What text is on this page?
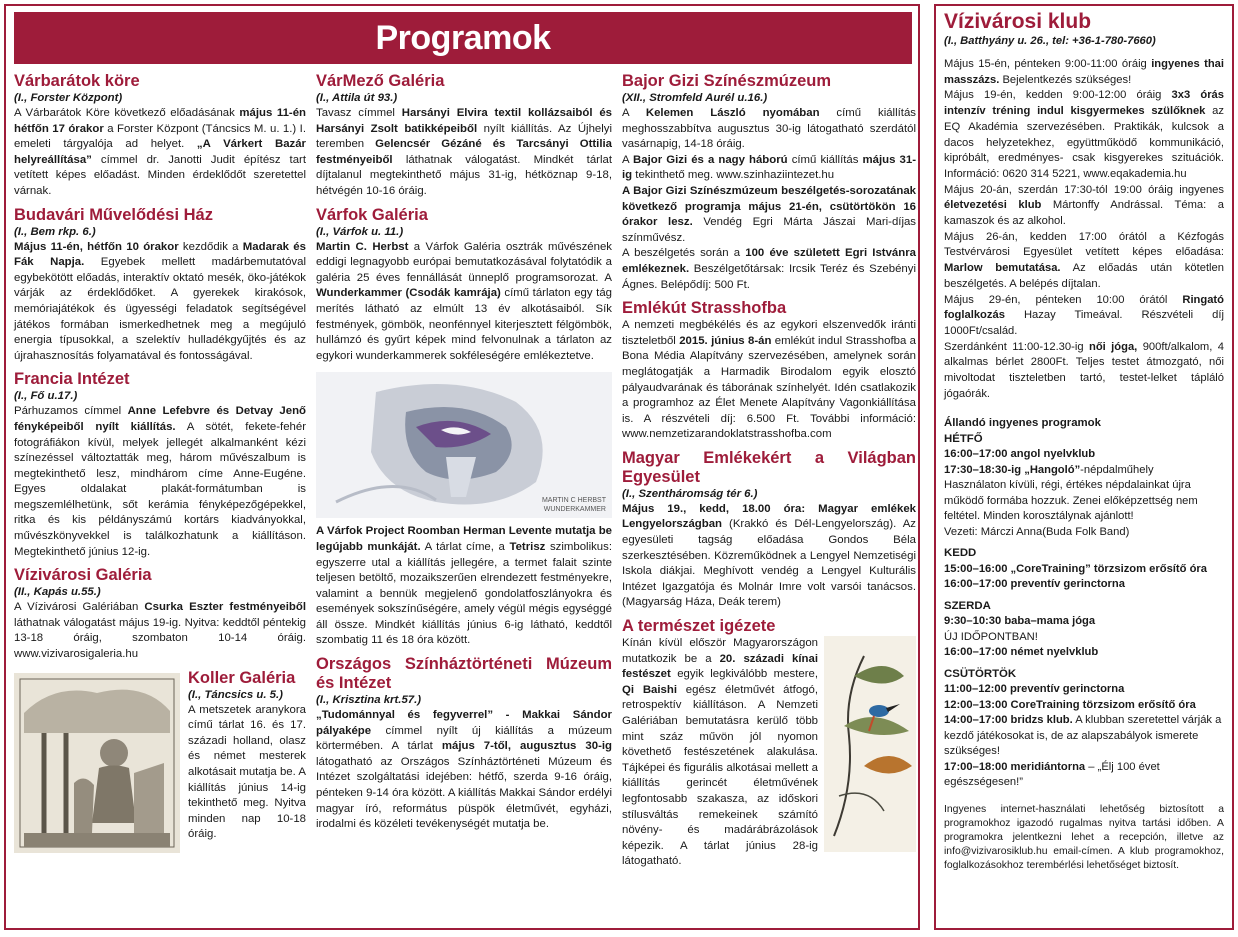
Programok

Várbarátok köre

(I., Forster Központ)

A Várbarátok Köre következő előadásának május 11-én hétfőn 17 órakor a Forster Központ (Táncsics M. u. 1.) I. emeleti tárgyalója ad helyet. „A Várkert Bazár helyreállítása” címmel dr. Janotti Judit építész tart vetített képes előadást. Minden érdeklődőt szeretettel várnak.

Budavári Művelődési Ház

(I., Bem rkp. 6.)

Május 11-én, hétfőn 10 órakor kezdődik a Madarak és Fák Napja. Egyebek mellett madárbemutatóval egybekötött előadás, interaktív oktató mesék, öko-játékok várják az érdeklődőket. A gyerekek kirakósok, memóriajátékok és ügyességi feladatok segítségével játékos formában ismerkedhetnek meg a megújuló energia típusokkal, a szelektív hulladékgyűjtés és az újrahasznosítás folyamatával és fontosságával.

Francia Intézet

(I., Fő u.17.)

Párhuzamos címmel Anne Lefebvre és Detvay Jenő fényképeiből nyílt kiállítás. A sötét, fekete-fehér fotográfiákon kívül, melyek jellegét alkalmanként kézi színezéssel változtatták meg, három művészalbum is megtekinthető lesz, mindhárom címe Anne-Eugéne. Egyes oldalakat plakát-formátumban is megszemlélhetünk, sőt kerámia fényképezőgépekkel, ritka és kis példányszámú kortárs kiadványokkal, művészkönyvekkel is találkozhatunk a kiállításon. Megtekinthető június 12-ig.

Vízivárosi Galéria

(II., Kapás u.55.)

A Vízivárosi Galériában Csurka Eszter festményeiből láthatnak válogatást május 19-ig. Nyitva: keddtől péntekig 13-18 óráig, szombaton 10-14 óráig. www.vizivarosigaleria.hu

Koller Galéria

(I., Táncsics u. 5.)

A metszetek aranykora című tárlat 16. és 17. századi holland, olasz és német mesterek alkotásait mutatja be. A kiállítás június 14-ig tekinthető meg. Nyitva minden nap 10-18 óráig.

VárMező Galéria

(I., Attila út 93.)

Tavasz címmel Harsányi Elvira textil kollázsaiból és Harsányi Zsolt batikképeiből nyílt kiállítás. Az Újhelyi teremben Gelencsér Gézáné és Tarcsányi Ottilia festményeiből láthatnak válogatást. Mindkét tárlat díjtalanul megtekinthető május 31-ig, hétköznap 9-18, hétvégén 10-16 óráig.

Várfok Galéria

(I., Várfok u. 11.)

Martin C. Herbst a Várfok Galéria osztrák művészének eddigi legnagyobb európai bemutatkozásával folytatódik a galéria 25 éves fennállását ünneplő programsorozat. A Wunderkammer (Csodák kamrája) című tárlaton egy tág merítés látható az elmúlt 13 év alkotásaiból. Sík festmények, gömbök, neonfénnyel kiterjesztett félgömbök, hullámzó és gyűrt képek mind felvonulnak a tárlaton az egykori wunderkammerek sokféleségére emlékeztetve.

MARTIN C HERBST
WUNDERKAMMER

A Várfok Project Roomban Herman Levente mutatja be legújabb munkáját. A tárlat címe, a Tetrisz szimbolikus: egyszerre utal a kiállítás jellegére, a termet falait szinte teljesen betöltő, mozaikszerűen elrendezett festményekre, valamint a bennük megjelenő gondolatfoszlányokra és események sokszínűségére, amely végül mégis egységgé áll össze. Mindkét kiállítás június 6-ig látható, keddtől szombatig 11 és 18 óra között.

Országos Színháztörténeti Múzeum és Intézet

(I., Krisztina krt.57.)

„Tudománnyal és fegyverrel” - Makkai Sándor pályaképe címmel nyílt új kiállítás a múzeum körtermében. A tárlat május 7-től, augusztus 30-ig látogatható az Országos Színháztörténeti Múzeum és Intézet szolgáltatási idejében: hétfő, szerda 9-16 óráig, pénteken 9-14 óra között. A kiállítás Makkai Sándor erdélyi magyar író, református püspök életművét, egyházi, irodalmi és közéleti tevékenységét mutatja be.

Bajor Gizi Színészmúzeum

(XII., Stromfeld Aurél u.16.)

A Kelemen László nyomában című kiállítás meghosszabbítva augusztus 30-ig látogatható szerdától vasárnapig, 14-18 óráig.

A Bajor Gizi és a nagy háború című kiállítás május 31-ig tekinthető meg. www.szinhaziintezet.hu

A Bajor Gizi Színészmúzeum beszélgetés-sorozatának következő programja május 21-én, csütörtökön 16 órakor lesz. Vendég Egri Márta Jászai Mari-díjas színművész.

A beszélgetés során a 100 éve született Egri Istvánra emlékeznek. Beszélgetőtársak: Ircsik Teréz és Szebényi Ágnes. Belépődíj: 500 Ft.

Emlékút Strasshofba

A nemzeti megbékélés és az egykori elszenvedők iránti tiszteletből 2015. június 8-án emlékút indul Strasshofba a Bona Média Alapítvány szervezésében, amelynek során meglátogatják a Harmadik Birodalom egyik elosztó pályaudvarának és táborának színhelyét. Idén csatlakozik a programhoz az Élet Menete Alapítvány Vagonkiállítása is. A részvételi díj: 6.500 Ft. További információ: www.nemzetizarandoklatstrasshofba.com

Magyar Emlékekért a Világban Egyesület

(I., Szentháromság tér 6.)

Május 19., kedd, 18.00 óra: Magyar emlékek Lengyelországban (Krakkó és Dél-Lengyelország). Az egyesületi tagság előadása Gondos Béla szerkesztésében. Közreműködnek a Lengyel Nemzetiségi Iskola diákjai. Meghívott vendég a Lengyel Kulturális Intézet Igazgatója és Molnár Imre volt varsói tanácsos. (Magyarság Háza, Deák terem)

A természet igézete

Kínán kívül először Magyarországon mutatkozik be a 20. századi kínai festészet egyik legkiválóbb mestere, Qi Baishi egész életművét átfogó, retrospektív kiállításon. A Nemzeti Galériában bemutatásra kerülő több mint száz művön jól nyomon követhető festészetének alakulása. Tájképei és figurális alkotásai mellett a kiállítás gerincét életművének legfontosabb szakasza, az időskori stílusváltás remekeinek számító növény- és madárábrázolások képezik. A tárlat június 28-ig látogatható.

Vízivárosi klub
(I., Batthyány u. 26., tel: +36-1-780-7660)

Május 15-én, pénteken 9:00-11:00 óráig ingyenes thai masszázs. Bejelentkezés szükséges!

Május 19-én, kedden 9:00-12:00 óráig 3x3 órás intenzív tréning indul kisgyermekes szülőknek az EQ Akadémia szervezésében. Praktikák, kulcsok a dacos helyzetekhez, együttműködő kommunikáció, kipróbált, eredményes- csak kisgyerekes szituációk. Információ: 0620 314 5221, www.eqakademia.hu

Május 20-án, szerdán 17:30-tól 19:00 óráig ingyenes életvezetési klub Mártonffy Andrással. Téma: a kamaszok és az alkohol.

Május 26-án, kedden 17:00 órától a Kézfogás Testvérvárosi Egyesület vetített képes előadása: Marlow bemutatása. Az előadás után kötetlen beszélgetés. A belépés díjtalan.

Május 29-én, pénteken 10:00 órától Ringató foglalkozás Hazay Timeával. Részvételi díj 1000Ft/család.

Szerdánként 11:00-12.30-ig női jóga, 900ft/alkalom, 4 alkalmas bérlet 2800Ft. Teljes testet átmozgató, női mivoltodat tiszteletben tartó, testet-lelket tápláló jógaórák.

Állandó ingyenes programok
HÉTFŐ

16:00–17:00 angol nyelvklub

17:30–18:30-ig „Hangoló”-népdalműhely

Használaton kívüli, régi, értékes népdalainkat újra működő formába hozzuk. Zenei előképzettség nem feltétel. Minden korosztálynak ajánlott!

Vezeti: Márczi Anna(Buda Folk Band)

KEDD

15:00–16:00 „CoreTraining” törzsizom erősítő óra

16:00–17:00 preventív gerinctorna

SZERDA

9:30–10:30 baba–mama jóga

ÚJ IDŐPONTBAN!

16:00–17:00 német nyelvklub

CSÜTÖRTÖK

11:00–12:00 preventív gerinctorna

12:00–13:00 CoreTraining törzsizom erősítő óra

14:00–17:00 bridzs klub. A klubban szeretettel várják a kezdő játékosokat is, de az alapszabályok ismerete szükséges!

17:00–18:00 meridiántorna – „Élj 100 évet egészségesen!”

Ingyenes internet-használati lehetőség biztosított a programokhoz igazodó rugalmas nyitva tartási időben. A programokra jelentkezni lehet a recepción, illetve az info@vizivarosiklub.hu email-címen. A klub programokhoz, foglalkozásokhoz terembérlési lehetőséget biztosít.
